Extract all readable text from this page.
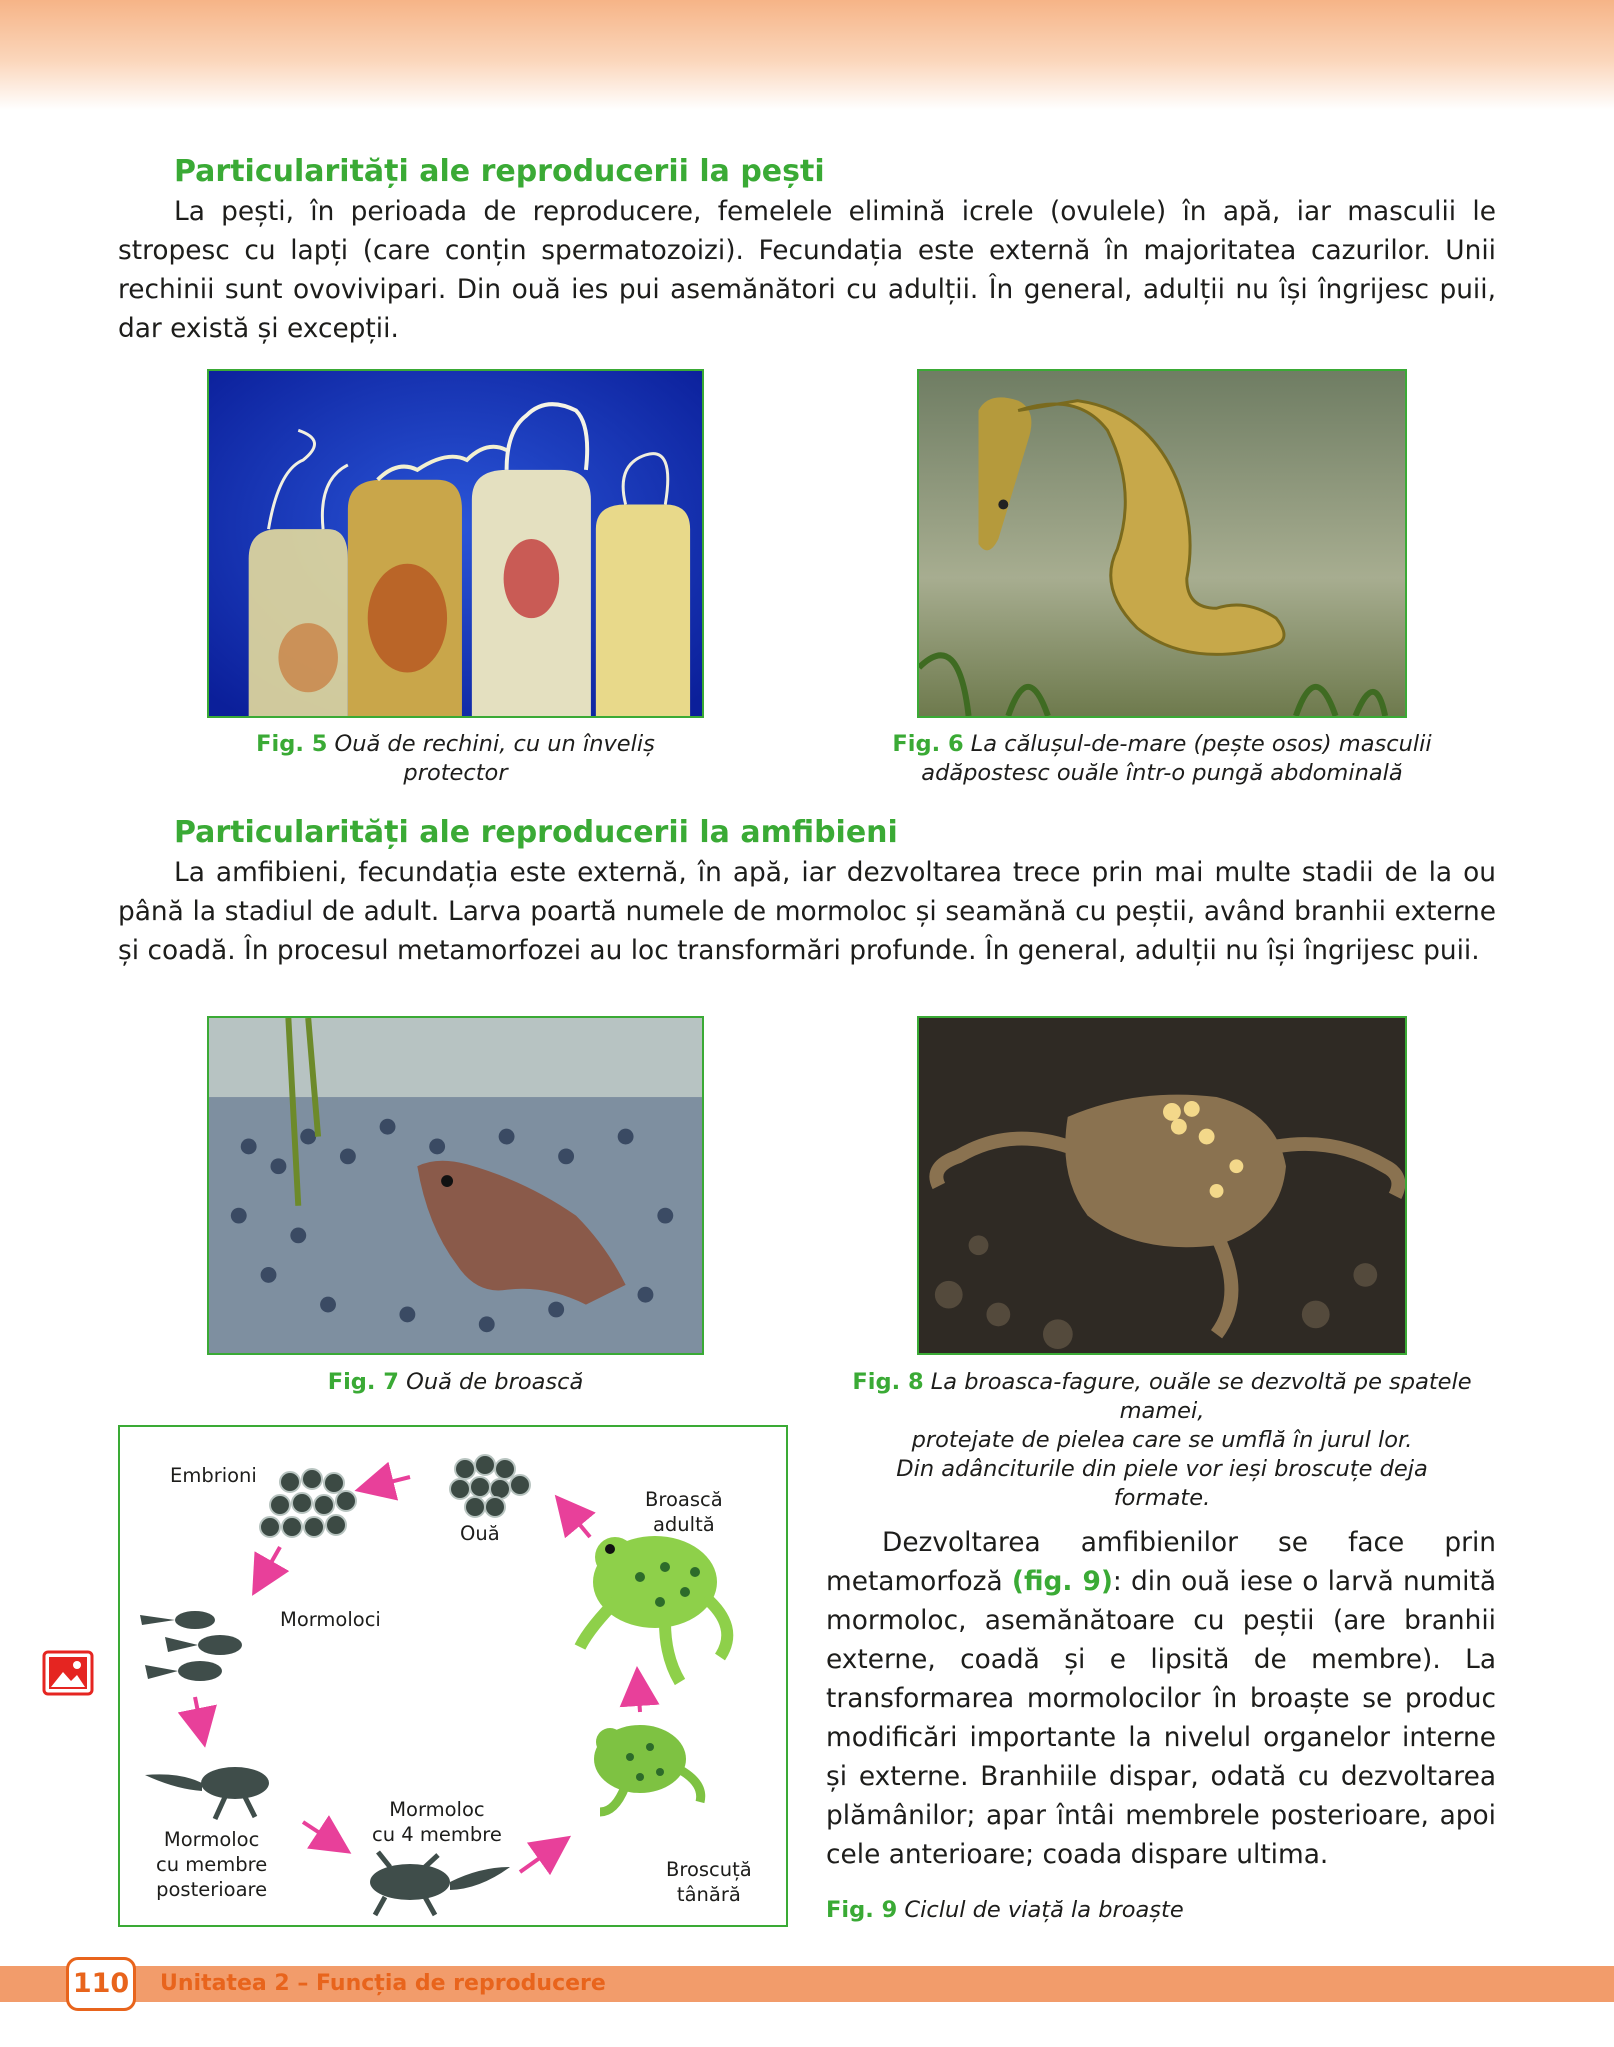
Particularități ale reproducerii la pești

La pești, în perioada de reproducere, femelele elimină icrele (ovulele) în apă, iar masculii le stropesc cu lapți (care conțin spermatozoizi). Fecundația este externă în majoritatea cazurilor. Unii rechinii sunt ovovivipari. Din ouă ies pui asemănători cu adulții. În general, adulții nu își îngrijesc puii, dar există și excepții.

Fig. 5 Ouă de rechini, cu un înveliș protector

Fig. 6 La călușul-de-mare (pește osos) masculii
adăpostesc ouăle într-o pungă abdominală
Particularități ale reproducerii la amfibieni

La amfibieni, fecundația este externă, în apă, iar dezvoltarea trece prin mai multe stadii de la ou până la stadiul de adult. Larva poartă numele de mormoloc și seamănă cu peștii, având branhii externe și coadă. În procesul metamorfozei au loc transformări profunde. În general, adulții nu își îngrijesc puii.

Fig. 7 Ouă de broască	Fig. 8 La broasca-fagure, ouăle se dezvoltă pe spatele mamei,
protejate de pielea care se umflă în jurul lor.
Din adânciturile din piele vor ieși broscuțe deja formate.
Embrioni
Ouă
Broască
adultă
Mormoloci
Mormoloc
cu 4 membre
Mormoloc
cu membre
posterioare
Broscuță
tânără

Dezvoltarea amfibienilor se face prin metamorfoză (fig. 9): din ouă iese o larvă numită mormoloc, asemănătoare cu peștii (are branhii externe, coadă și e lipsită de membre). La transformarea mormolocilor în broaște se produc modificări importante la nivelul organelor interne și externe. Branhiile dispar, odată cu dezvoltarea plămânilor; apar întâi membrele posterioare, apoi cele anterioare; coada dispare ultima.

Fig. 9 Ciclul de viață la broaște

110	Unitatea 2 – Funcția de reproducere
